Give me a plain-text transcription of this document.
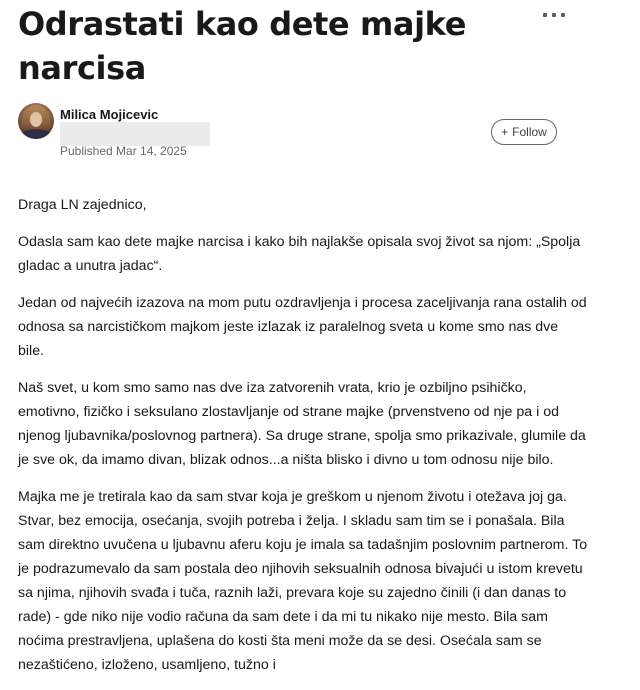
Odrastati kao dete majke narcisa
Milica Mojicevic
Published Mar 14, 2025
+ Follow

Draga LN zajednico,

Odasla sam kao dete majke narcisa i kako bih najlakše opisala svoj život sa njom: „Spolja gladac a unutra jadac“.

Jedan od najvećih izazova na mom putu ozdravljenja i procesa zaceljivanja rana ostalih od odnosa sa narcističkom majkom jeste izlazak iz paralelnog sveta u kome smo nas dve bile.

Naš svet, u kom smo samo nas dve iza zatvorenih vrata, krio je ozbiljno psihičko, emotivno, fizičko i seksulano zlostavljanje od strane majke (prvenstveno od nje pa i od njenog ljubavnika/poslovnog partnera). Sa druge strane, spolja smo prikazivale, glumile da je sve ok, da imamo divan, blizak odnos...a ništa blisko i divno u tom odnosu nije bilo.

Majka me je tretirala kao da sam stvar koja je greškom u njenom životu i otežava joj ga. Stvar, bez emocija, osećanja, svojih potreba i želja. I skladu sam tim se i ponašala. Bila sam direktno uvučena u ljubavnu aferu koju je imala sa tadašnjim poslovnim partnerom. To je podrazumevalo da sam postala deo njihovih seksualnih odnosa bivajući u istom krevetu sa njima, njihovih svađa i tuča, raznih laži, prevara koje su zajedno činili (i dan danas to rade) - gde niko nije vodio računa da sam dete i da mi tu nikako nije mesto. Bila sam noćima prestravljena, uplašena do kosti šta meni može da se desi. Osećala sam se nezaštićeno, izloženo, usamljeno, tužno i
